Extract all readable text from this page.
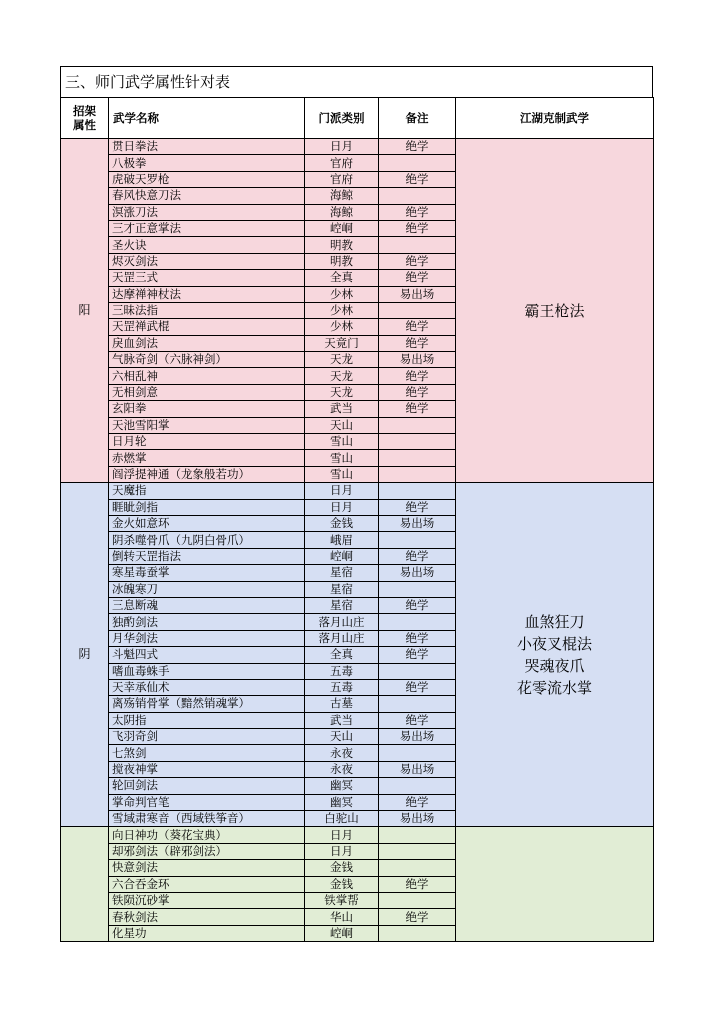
三、师门武学属性针对表
招架
属性	武学名称	门派类别	备注	江湖克制武学
阳	贯日拳法	日月	绝学	霸王枪法

	八极拳	官府		
	虎破天罗枪	官府	绝学	
	春风快意刀法	海鲸		
	溟涨刀法	海鲸	绝学	
	三才正意掌法	崆峒	绝学	
	圣火诀	明教		
	烬灭剑法	明教	绝学	
	天罡三式	全真	绝学	
	达摩禅神杖法	少林	易出场	
	三昧法指	少林		
	天罡禅武棍	少林	绝学	
	戾血剑法	天竟门	绝学	
	气脉奇剑（六脉神剑）	天龙	易出场	
	六相乱神	天龙	绝学	
	无相剑意	天龙	绝学	
	玄阳拳	武当	绝学	
	天池雪阳掌	天山		
	日月轮	雪山		
	赤燃掌	雪山		
	阎浮提神通（龙象般若功）	雪山		
阴	天魔指	日月		血煞狂刀
小夜叉棍法
哭魂夜爪
花零流水掌

	睚眦剑指	日月	绝学	
	金火如意环	金钱	易出场	
	阴杀噬骨爪（九阴白骨爪）	峨眉		
	倒转天罡指法	崆峒	绝学	
	寒星毒蚕掌	星宿	易出场	
	冰魄寒刀	星宿		
	三息断魂	星宿	绝学	
	独酌剑法	落月山庄		
	月华剑法	落月山庄	绝学	
	斗魁四式	全真	绝学	
	嗜血毒蛛手	五毒		
	天幸承仙术	五毒	绝学	
	离殇销骨掌（黯然销魂掌）	古墓		
	太阴指	武当	绝学	
	飞羽奇剑	天山	易出场	
	七煞剑	永夜		
	搅夜神掌	永夜	易出场	
	轮回剑法	幽冥		
	掌命判官笔	幽冥	绝学	
	雪域肃寒音（西域铁筝音）	白驼山	易出场	
	向日神功（葵花宝典）	日月		
	却邪剑法（辟邪剑法）	日月		
	快意剑法	金钱		
	六合吞金环	金钱	绝学	
	铁陨沉砂掌	铁掌帮		
	春秋剑法	华山	绝学	
	化星功	崆峒		
